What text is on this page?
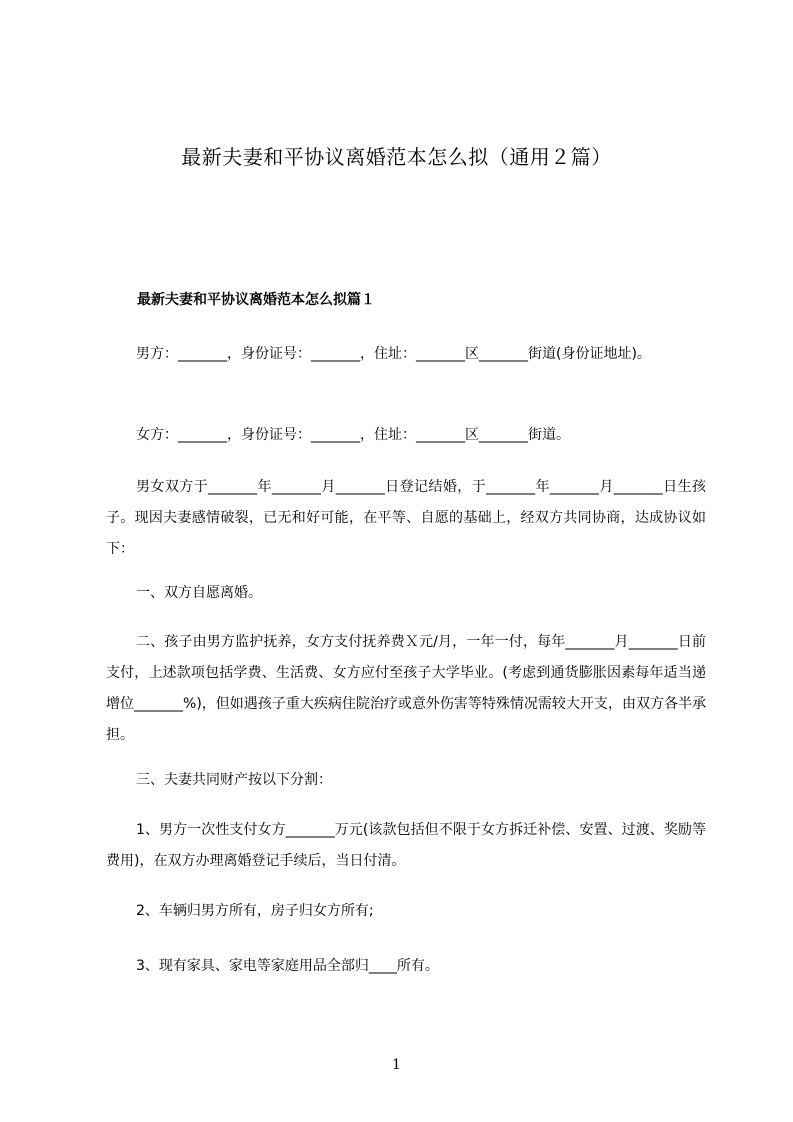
最新夫妻和平协议离婚范本怎么拟（通用２篇）
最新夫妻和平协议离婚范本怎么拟篇１
男方：_______，身份证号：_______，住址：_______区_______街道(身份证地址)。
女方：_______，身份证号：_______，住址：_______区_______街道。
男女双方于_______年_______月_______日登记结婚，于_______年_______月_______日生孩子。现因夫妻感情破裂，已无和好可能，在平等、自愿的基础上，经双方共同协商，达成协议如下：
一、双方自愿离婚。
二、孩子由男方监护抚养，女方支付抚养费Ｘ元/月，一年一付，每年_______月_______日前支付，上述款项包括学费、生活费、女方应付至孩子大学毕业。(考虑到通货膨胀因素每年适当递增位_______%)，但如遇孩子重大疾病住院治疗或意外伤害等特殊情况需较大开支，由双方各半承担。
三、夫妻共同财产按以下分割：
1、男方一次性支付女方_______万元(该款包括但不限于女方拆迁补偿、安置、过渡、奖励等费用)，在双方办理离婚登记手续后，当日付清。
2、车辆归男方所有，房子归女方所有;
3、现有家具、家电等家庭用品全部归____所有。
1
